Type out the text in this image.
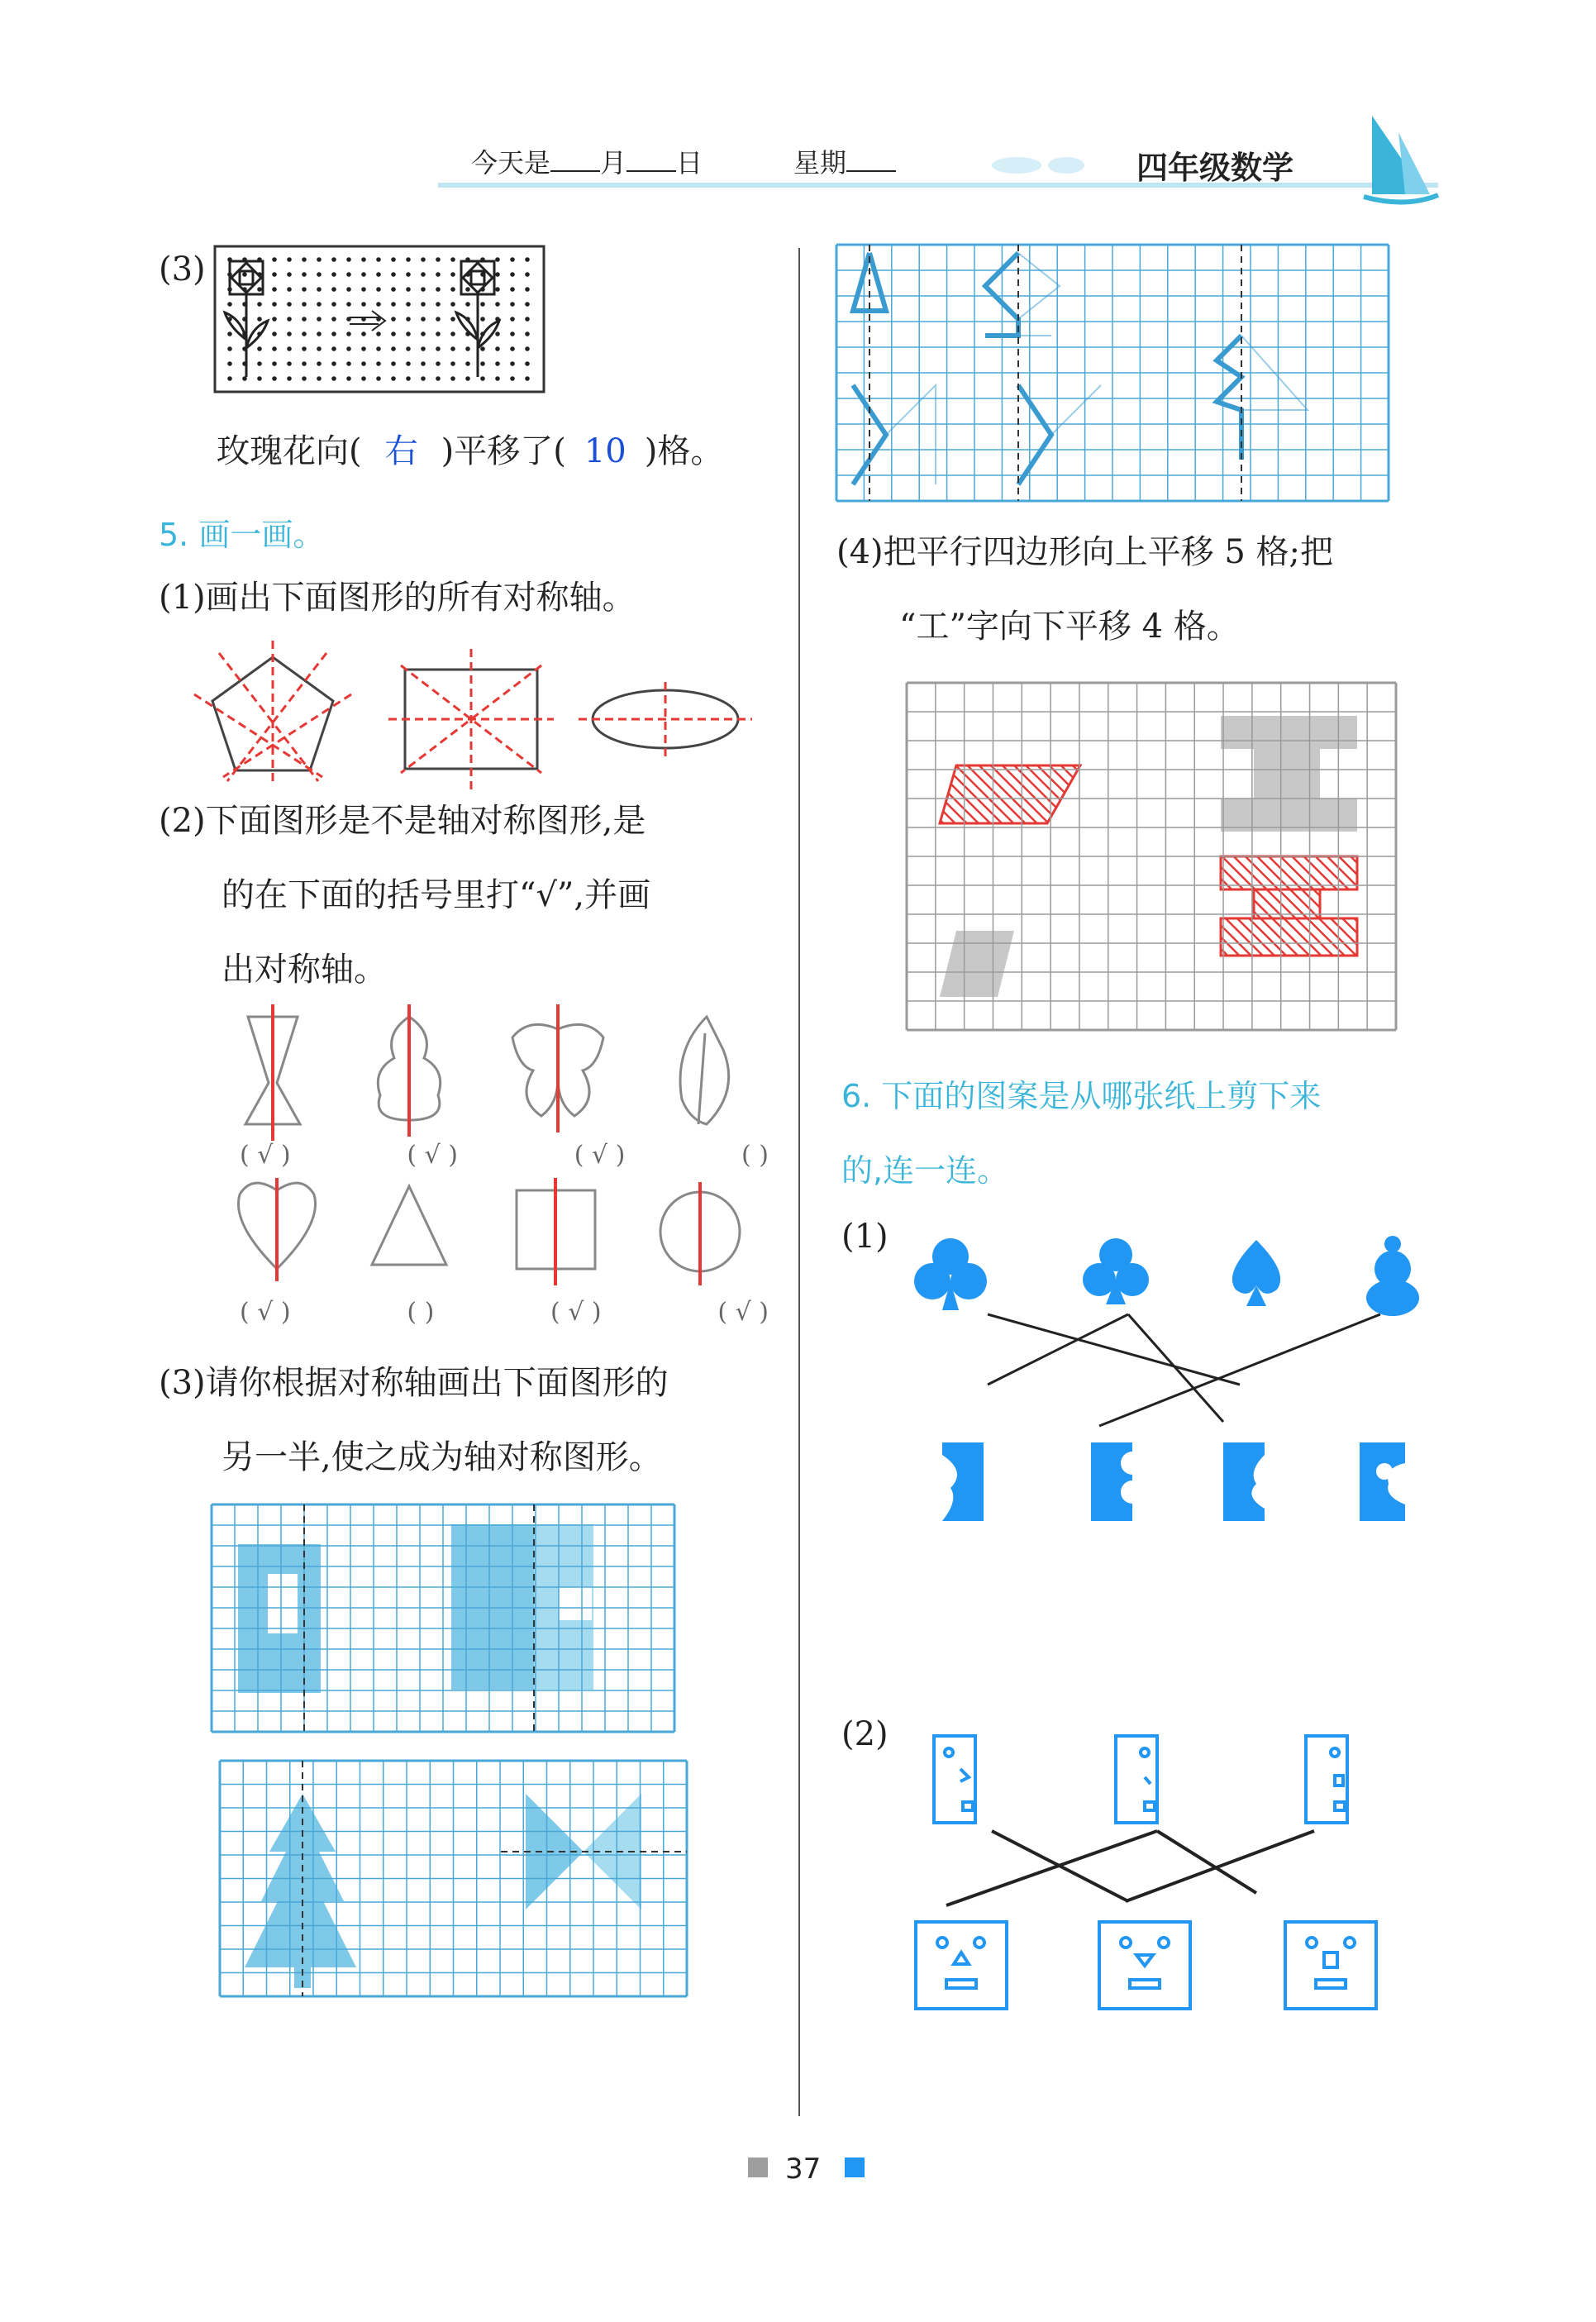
今天是 月 日	星期	四年级数学
(3)
玫瑰花向( 右 )平移了( 10 )格。
5. 画一画。
(1)画出下面图形的所有对称轴。
(2)下面图形是不是轴对称图形,是
的在下面的括号里打“√”,并画
出对称轴。
( √ )	( √ )	( √ )	( )
( √ )	( )	( √ )	( √ )
(3)请你根据对称轴画出下面图形的
另一半,使之成为轴对称图形。
(4)把平行四边形向上平移 5 格;把
“工”字向下平移 4 格。
6. 下面的图案是从哪张纸上剪下来
的,连一连。
(1)
(2)
37
